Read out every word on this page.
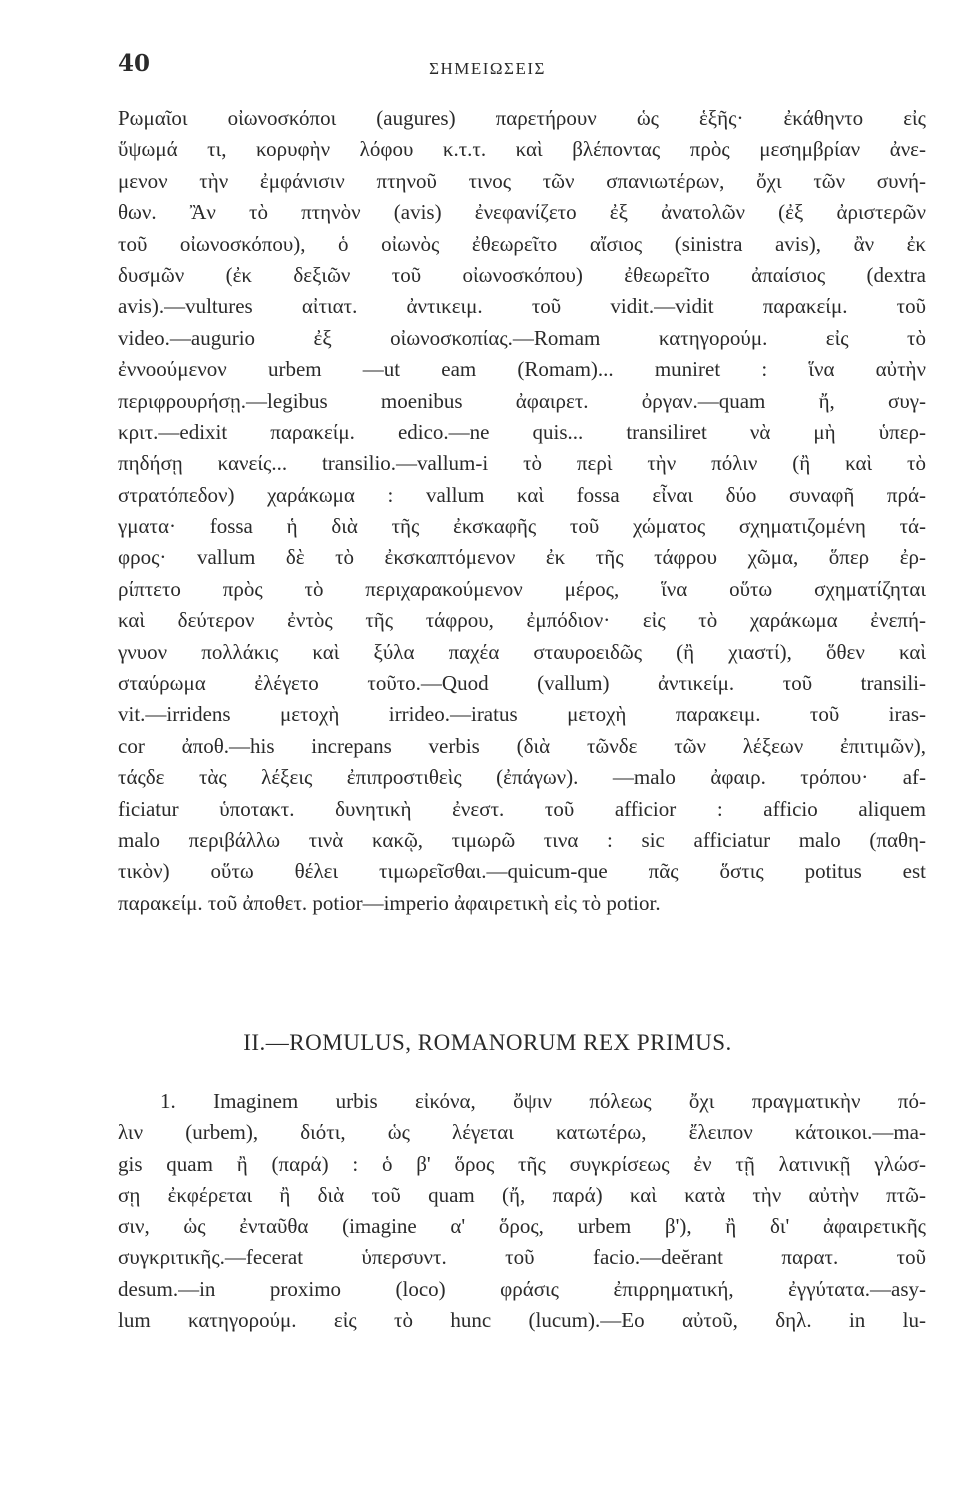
40	ΣΗΜΕΙΩΣΕΙΣ
Ρωμαῖοι οἰωνοσκόποι (augures) παρετήρουν ὡς ἑξῆς· ἐκάθηντο εἰς
ὕψωμά τι, κορυφὴν λόφου κ.τ.τ. καὶ βλέποντας πρὸς μεσημβρίαν ἀνε-
μενον τὴν ἐμφάνισιν πτηνοῦ τινος τῶν σπανιωτέρων, ὄχι τῶν συνή-
θων. Ἂν τὸ πτηνὸν (avis) ἐνεφανίζετο ἐξ ἀνατολῶν (ἐξ ἀριστερῶν
τοῦ οἰωνοσκόπου), ὁ οἰωνὸς ἐθεωρεῖτο αἴσιος (sinistra avis), ἂν ἐκ
δυσμῶν (ἐκ δεξιῶν τοῦ οἰωνοσκόπου) ἐθεωρεῖτο ἀπαίσιος (dextra
avis).—vultures αἰτιατ. ἀντικειμ. τοῦ vidit.—vidit παρακείμ. τοῦ
video.—augurio ἐξ οἰωνοσκοπίας.—Romam κατηγορούμ. εἰς τὸ
ἐννοούμενον urbem —ut eam (Romam)... muniret : ἵνα αὐτὴν
περιφρουρήσῃ.—legibus moenibus ἀφαιρετ. ὀργαν.—quam ἤ, συγ-
κριτ.—edixit παρακείμ. edico.—ne quis... transiliret νὰ μὴ ὑπερ-
πηδήσῃ κανείς... transilio.—vallum-i τὸ περὶ τὴν πόλιν (ἢ καὶ τὸ
στρατόπεδον) χαράκωμα : vallum καὶ fossa εἶναι δύο συναφῆ πρά-
γματα· fossa ἡ διὰ τῆς ἐκσκαφῆς τοῦ χώματος σχηματιζομένη τά-
φρος· vallum δὲ τὸ ἐκσκαπτόμενον ἐκ τῆς τάφρου χῶμα, ὅπερ ἐρ-
ρίπτετο πρὸς τὸ περιχαρακούμενον μέρος, ἵνα οὕτω σχηματίζηται
καὶ δεύτερον ἐντὸς τῆς τάφρου, ἐμπόδιον· εἰς τὸ χαράκωμα ἐνεπή-
γνυον πολλάκις καὶ ξύλα παχέα σταυροειδῶς (ἢ χιαστί), ὅθεν καὶ
σταύρωμα ἐλέγετο τοῦτο.—Quod (vallum) ἀντικείμ. τοῦ transili-
vit.—irridens μετοχὴ irrideo.—iratus μετοχὴ παρακειμ. τοῦ iras-
cor ἀποθ.—his increpans verbis (διὰ τῶνδε τῶν λέξεων ἐπιτιμῶν),
τάςδε τὰς λέξεις ἐπιπροστιθεὶς (ἐπάγων). —malo ἀφαιρ. τρόπου· af-
ficiatur ὑποτακτ. δυνητικὴ ἐνεστ. τοῦ afficior : afficio aliquem
malo περιβάλλω τινὰ κακῷ, τιμωρῶ τινα : sic afficiatur malo (παθη-
τικὸν) οὕτω θέλει τιμωρεῖσθαι.—quicum-que πᾶς ὅστις potitus est
παρακείμ. τοῦ ἀποθετ. potior—imperio ἀφαιρετικὴ εἰς τὸ potior.
II.—ROMULUS, ROMANORUM REX PRIMUS.
1. Imaginem urbis εἰκόνα, ὄψιν πόλεως ὄχι πραγματικὴν πό-
λιν (urbem), διότι, ὡς λέγεται κατωτέρω, ἔλειπον κάτοικοι.—ma-
gis quam ἢ (παρά) : ὁ β' ὅρος τῆς συγκρίσεως ἐν τῇ λατινικῇ γλώσ-
σῃ ἐκφέρεται ἢ διὰ τοῦ quam (ἤ, παρά) καὶ κατὰ τὴν αὐτὴν πτῶ-
σιν, ὡς ἐνταῦθα (imagine α' ὅρος, urbem β'), ἢ δι' ἀφαιρετικῆς
συγκριτικῆς.—fecerat ὑπερσυντ. τοῦ facio.—deĕrant παρατ. τοῦ
desum.—in proximo (loco) φράσις ἐπιρρηματική, ἐγγύτατα.—asy-
lum κατηγορούμ. εἰς τὸ hunc (lucum).—Eo αὐτοῦ, δηλ. in lu-
